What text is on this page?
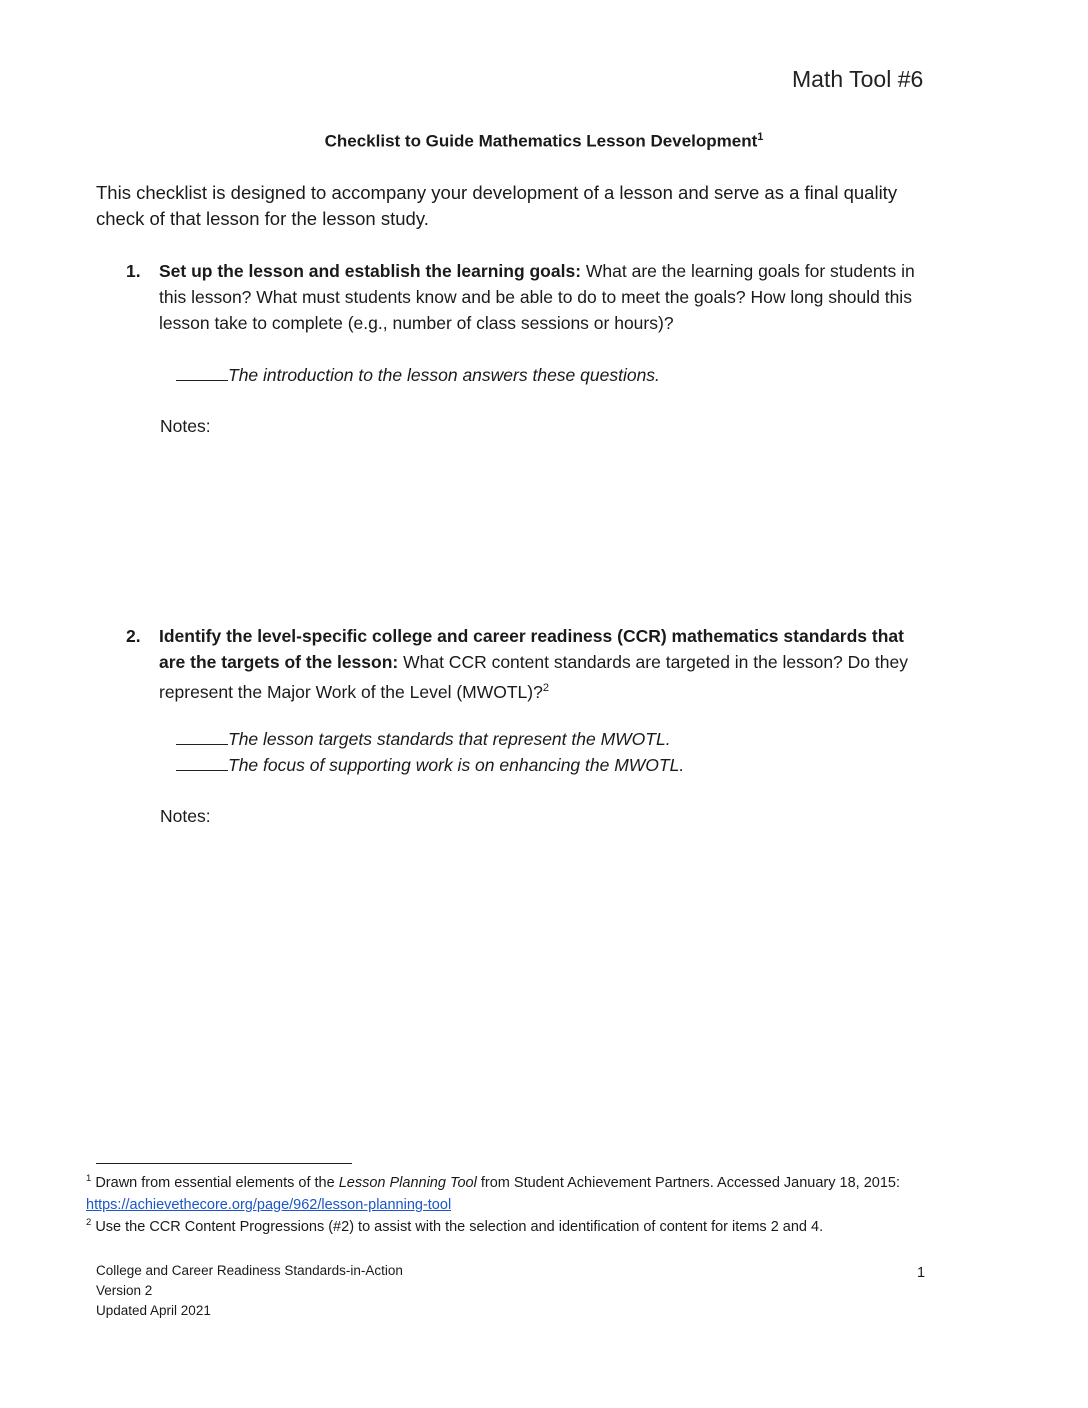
Math Tool #6
Checklist to Guide Mathematics Lesson Development$^1$
This checklist is designed to accompany your development of a lesson and serve as a final quality check of that lesson for the lesson study.
1. Set up the lesson and establish the learning goals: What are the learning goals for students in this lesson? What must students know and be able to do to meet the goals? How long should this lesson take to complete (e.g., number of class sessions or hours)?
The introduction to the lesson answers these questions.
Notes:
2. Identify the level-specific college and career readiness (CCR) mathematics standards that are the targets of the lesson: What CCR content standards are targeted in the lesson? Do they represent the Major Work of the Level (MWOTL)?$^2$
The lesson targets standards that represent the MWOTL.
The focus of supporting work is on enhancing the MWOTL.
Notes:
$^1$ Drawn from essential elements of the Lesson Planning Tool from Student Achievement Partners. Accessed January 18, 2015: https://achievethecore.org/page/962/lesson-planning-tool
$^2$ Use the CCR Content Progressions (#2) to assist with the selection and identification of content for items 2 and 4.
College and Career Readiness Standards-in-Action
Version 2
Updated April 2021
1
